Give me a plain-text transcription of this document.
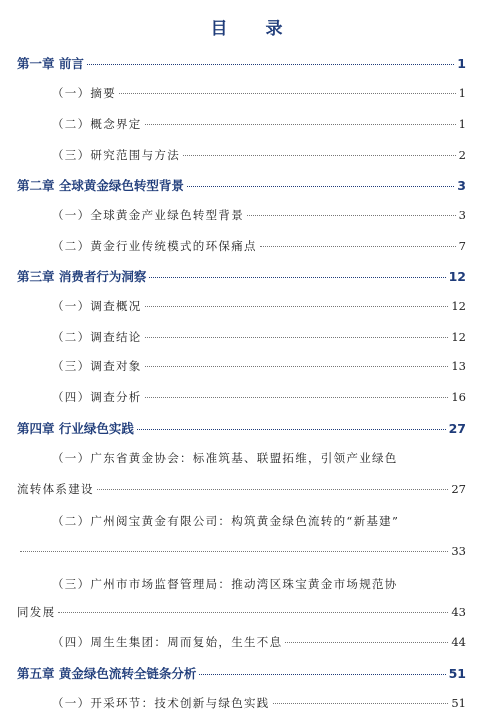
目 录
第一章 前言	1
（一）摘要	1
（二）概念界定	1
（三）研究范围与方法	2
第二章 全球黄金绿色转型背景	3
（一）全球黄金产业绿色转型背景	3
（二）黄金行业传统模式的环保痛点	7
第三章 消费者行为洞察	12
（一）调查概况	12
（二）调查结论	12
（三）调查对象	13
（四）调查分析	16
第四章 行业绿色实践	27
（一）广东省黄金协会：标准筑基、联盟拓维，引领产业绿色
流转体系建设	27
（二）广州阅宝黄金有限公司：构筑黄金绿色流转的“新基建”
33
（三）广州市市场监督管理局：推动湾区珠宝黄金市场规范协
同发展	43
（四）周生生集团：周而复始，生生不息	44
第五章 黄金绿色流转全链条分析	51
（一）开采环节：技术创新与绿色实践	51
